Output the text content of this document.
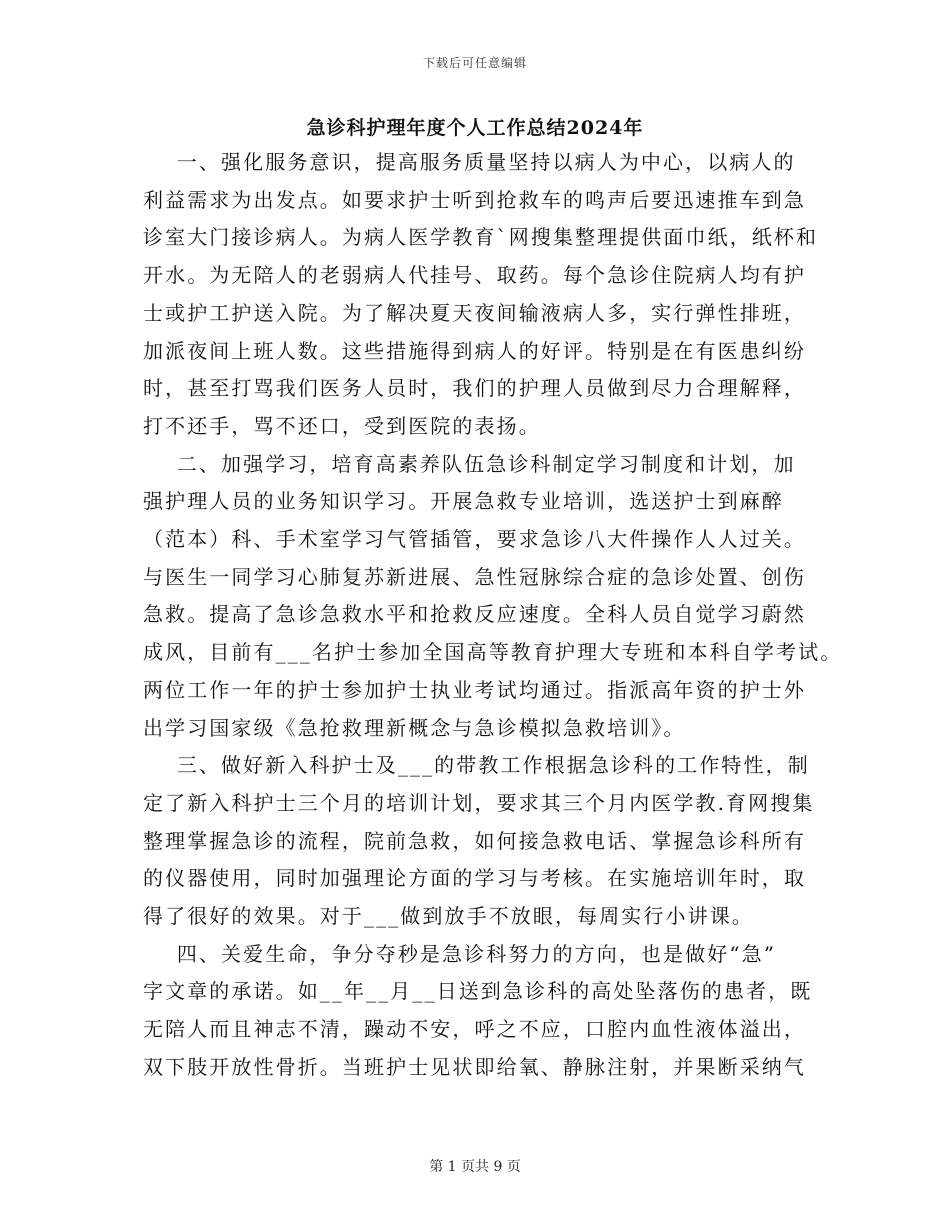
下载后可任意编辑
急诊科护理年度个人工作总结2024年

一、强化服务意识，提高服务质量坚持以病人为中心，以病人的

利益需求为出发点。如要求护士听到抢救车的鸣声后要迅速推车到急

诊室大门接诊病人。为病人医学教育`网搜集整理提供面巾纸，纸杯和

开水。为无陪人的老弱病人代挂号、取药。每个急诊住院病人均有护

士或护工护送入院。为了解决夏天夜间输液病人多，实行弹性排班，

加派夜间上班人数。这些措施得到病人的好评。特别是在有医患纠纷

时，甚至打骂我们医务人员时，我们的护理人员做到尽力合理解释，

打不还手，骂不还口，受到医院的表扬。

二、加强学习，培育高素养队伍急诊科制定学习制度和计划，加

强护理人员的业务知识学习。开展急救专业培训，选送护士到麻醉

（范本）科、手术室学习气管插管，要求急诊八大件操作人人过关。

与医生一同学习心肺复苏新进展、急性冠脉综合症的急诊处置、创伤

急救。提高了急诊急救水平和抢救反应速度。全科人员自觉学习蔚然

成风，目前有___名护士参加全国高等教育护理大专班和本科自学考试。

两位工作一年的护士参加护士执业考试均通过。指派高年资的护士外

出学习国家级《急抢救理新概念与急诊模拟急救培训》。

三、做好新入科护士及___的带教工作根据急诊科的工作特性，制

定了新入科护士三个月的培训计划，要求其三个月内医学教.育网搜集

整理掌握急诊的流程，院前急救，如何接急救电话、掌握急诊科所有

的仪器使用，同时加强理论方面的学习与考核。在实施培训年时，取

得了很好的效果。对于___做到放手不放眼，每周实行小讲课。

四、关爱生命，争分夺秒是急诊科努力的方向，也是做好“急”

字文章的承诺。如__年__月__日送到急诊科的高处坠落伤的患者，既

无陪人而且神志不清，躁动不安，呼之不应，口腔内血性液体溢出，

双下肢开放性骨折。当班护士见状即给氧、静脉注射，并果断采纳气

第 1 页共 9 页
